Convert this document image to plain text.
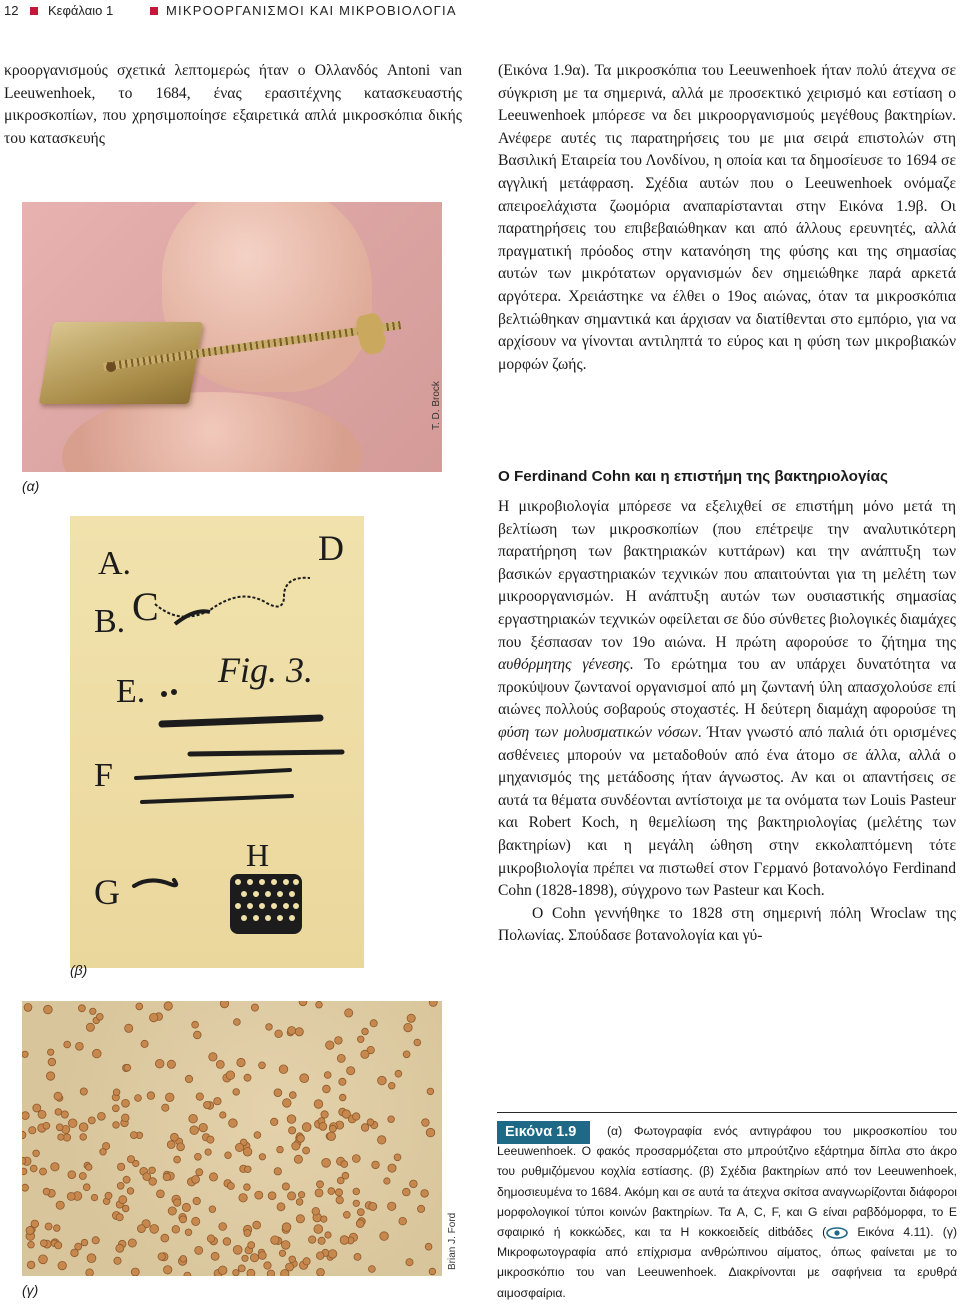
12 Κεφάλαιο 1	ΜΙΚΡΟΟΡΓΑΝΙΣΜΟΙ ΚΑΙ ΜΙΚΡΟΒΙΟΛΟΓΙΑ

κροοργανισμούς σχετικά λεπτομερώς ήταν ο Ολλανδός Antoni van Leeuwenhoek, το 1684, ένας ερασιτέχνης κατασκευαστής μικροσκοπίων, που χρησιμοποίησε εξαιρετικά απλά μικροσκόπια δικής του κατασκευής

T. D. Brock
(α)
A.
B. C
D
E.
F
G
H
Fig. 3.
(β)
Brian J. Ford
(γ)

(Εικόνα 1.9α). Τα μικροσκόπια του Leeuwenhoek ήταν πολύ άτεχνα σε σύγκριση με τα σημερινά, αλλά με προσεκτικό χειρισμό και εστίαση ο Leeuwenhoek μπόρεσε να δει μικροοργανισμούς μεγέθους βακτηρίων. Ανέφερε αυτές τις παρατηρήσεις του με μια σειρά επιστολών στη Βασιλική Εταιρεία του Λονδίνου, η οποία και τα δημοσίευσε το 1694 σε αγγλική μετάφραση. Σχέδια αυτών που ο Leeuwenhoek ονόμαζε απειροελάχιστα ζωομόρια αναπαρίστανται στην Εικόνα 1.9β. Οι παρατηρήσεις του επιβεβαιώθηκαν και από άλλους ερευνητές, αλλά πραγματική πρόοδος στην κατανόηση της φύσης και της σημασίας αυτών των μικρότατων οργανισμών δεν σημειώθηκε παρά αρκετά αργότερα. Χρειάστηκε να έλθει ο 19ος αιώνας, όταν τα μικροσκόπια βελτιώθηκαν σημαντικά και άρχισαν να διατίθενται στο εμπόριο, για να αρχίσουν να γίνονται αντιληπτά το εύρος και η φύση των μικροβιακών μορφών ζωής.

O Ferdinand Cohn και η επιστήμη της βακτηριολογίας

Η μικροβιολογία μπόρεσε να εξελιχθεί σε επιστήμη μόνο μετά τη βελτίωση των μικροσκοπίων (που επέτρεψε την αναλυτικότερη παρατήρηση των βακτηριακών κυττάρων) και την ανάπτυξη των βασικών εργαστηριακών τεχνικών που απαιτούνται για τη μελέτη των μικροοργανισμών. Η ανάπτυξη αυτών των ουσιαστικής σημασίας εργαστηριακών τεχνικών οφείλεται σε δύο σύνθετες βιολογικές διαμάχες που ξέσπασαν τον 19ο αιώνα. Η πρώτη αφορούσε το ζήτημα της αυθόρμητης γένεσης. Το ερώτημα του αν υπάρχει δυνατότητα να προκύψουν ζωντανοί οργανισμοί από μη ζωντανή ύλη απασχολούσε επί αιώνες πολλούς σοβαρούς στοχαστές. Η δεύτερη διαμάχη αφορούσε τη φύση των μολυσματικών νόσων. Ήταν γνωστό από παλιά ότι ορισμένες ασθένειες μπορούν να μεταδοθούν από ένα άτομο σε άλλα, αλλά ο μηχανισμός της μετάδοσης ήταν άγνωστος. Αν και οι απαντήσεις σε αυτά τα θέματα συνδέονται αντίστοιχα με τα ονόματα των Louis Pasteur και Robert Koch, η θεμελίωση της βακτηριολογίας (μελέτης των βακτηρίων) και η μεγάλη ώθηση στην εκκολαπτόμενη τότε μικροβιολογία πρέπει να πιστωθεί στον Γερμανό βοτανολόγο Ferdinand Cohn (1828-1898), σύγχρονο των Pasteur και Koch.

Ο Cohn γεννήθηκε το 1828 στη σημερινή πόλη Wroclaw της Πολωνίας. Σπούδασε βοτανολογία και γύ-

(α) Φωτογραφία ενός αντιγράφου του μικροσκοπίου του Leeuwenhoek. Ο φακός προσαρμόζεται στο μπρούτζινο εξάρτημα δίπλα στο άκρο του ρυθμιζόμενου κοχλία εστίασης. (β) Σχέδια βακτηρίων από τον Leeuwenhoek, δημοσιευμένα το 1684. Ακόμη και σε αυτά τα άτεχνα σκίτσα αναγνωρίζονται διάφοροι μορφολογικοί τύποι κοινών βακτηρίων. Τα A, C, F, και G είναι ραβδόμορφα, το E σφαιρικό ή κοκκώδες, και τα H κοκκοειδείς ditbάδες ( Εικόνα 4.11). (γ) Μικροφωτογραφία από επίχρισμα ανθρώπινου αίματος, όπως φαίνεται με το μικροσκόπιο του van Leeuwenhoek. Διακρίνονται με σαφήνεια τα ερυθρά αιμοσφαίρια.
Εικόνα 1.9
